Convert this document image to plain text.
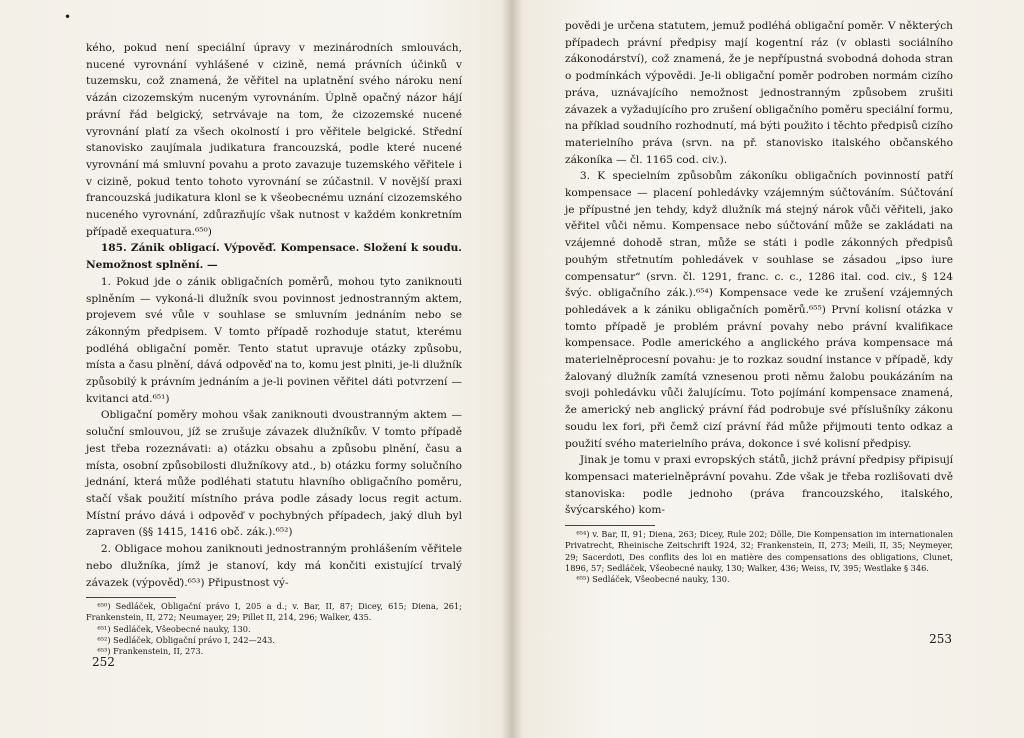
•

kého, pokud není speciální úpravy v mezinárodních smlouvách, nucené vyrovnání vyhlášené v cizině, nemá právních účinků v tuzemsku, což znamená, že věřitel na uplatnění svého nároku není vázán cizozemským nuceným vyrovnáním. Úplně opačný názor hájí právní řád belgický, setrvávaje na tom, že cizozemské nucené vyrovnání platí za všech okolností i pro věřitele belgické. Střední stanovisko zaujímala judikatura francouzská, podle které nucené vyrovnání má smluvní povahu a proto zavazuje tuzemského věřitele i v cizině, pokud tento tohoto vyrovnání se zúčastnil. V novější praxi francouzská judikatura klonl se k všeobecnému uznání cizozemského nuceného vyrovnání, zdůrazňujíc však nutnost v každém konkretním případě exequatura.⁶⁵⁰)

185. Zánik obligací. Výpověď. Kompensace. Složení k soudu. Nemožnost splnění. —

1. Pokud jde o zánik obligačních poměrů, mohou tyto zaniknouti splněním — vykoná-li dlužník svou povinnost jednostranným aktem, projevem své vůle v souhlase se smluvním jednáním nebo se zákonným předpisem. V tomto případě rozhoduje statut, kterému podléhá obligační poměr. Tento statut upravuje otázky způsobu, místa a času plnění, dává odpověď na to, komu jest plniti, je-li dlužník způsobilý k právním jednáním a je-li povinen věřitel dáti potvrzení — kvitanci atd.⁶⁵¹)

Obligační poměry mohou však zaniknouti dvoustranným aktem — soluční smlouvou, jíž se zrušuje závazek dlužníkův. V tomto případě jest třeba rozeznávati: a) otázku obsahu a způsobu plnění, času a místa, osobní způsobilosti dlužníkovy atd., b) otázku formy solučního jednání, která může podléhati statutu hlavního obligačního poměru, stačí však použití místního práva podle zásady locus regit actum. Místní právo dává i odpověď v pochybných případech, jaký dluh byl zapraven (§§ 1415, 1416 obč. zák.).⁶⁵²)

2. Obligace mohou zaniknouti jednostranným prohlášením věřitele nebo dlužníka, jímž je stanoví, kdy má končiti existující trvalý závazek (výpověď).⁶⁵³) Připustnost vý-

⁶⁵⁰) Sedláček, Obligační právo I, 205 a d.; v. Bar, II, 87; Dicey, 615; Diena, 261; Frankenstein, II, 272; Neumayer, 29; Pillet II, 214, 296; Walker, 435.

⁶⁵¹) Sedláček, Všeobecné nauky, 130.

⁶⁵²) Sedláček, Obligační právo I, 242—243.

⁶⁵³) Frankenstein, II, 273.

252

povědi je určena statutem, jemuž podléhá obligační poměr. V některých případech právní předpisy mají kogentní ráz (v oblasti sociálního zákonodárství), což znamená, že je nepřípustná svobodná dohoda stran o podmínkách výpovědi. Je-li obligační poměr podroben normám cizího práva, uznávajícího nemožnost jednostranným způsobem zrušiti závazek a vyžadujícího pro zrušení obligačního poměru speciální formu, na příklad soudního rozhodnutí, má býti použito i těchto předpisů cizího materielního práva (srvn. na př. stanovisko italského občanského zákoníka — čl. 1165 cod. civ.).

3. K specielním způsobům zákoníku obligačních povinností patří kompensace — placení pohledávky vzájemným súčtováním. Súčtování je přípustné jen tehdy, když dlužník má stejný nárok vůči věřiteli, jako věřitel vůči němu. Kompensace nebo súčtování může se zakládati na vzájemné dohodě stran, může se státi i podle zákonných předpisů pouhým střetnutím pohledávek v souhlase se zásadou „ipso iure compensatur“ (srvn. čl. 1291, franc. c. c., 1286 ital. cod. civ., § 124 švýc. obligačního zák.).⁶⁵⁴) Kompensace vede ke zrušení vzájemných pohledávek a k zániku obligačních poměrů.⁶⁵⁵) První kolisní otázka v tomto případě je problém právní povahy nebo právní kvalifikace kompensace. Podle amerického a anglického práva kompensace má materielněprocesní povahu: je to rozkaz soudní instance v případě, kdy žalovaný dlužník zamítá vznesenou proti němu žalobu poukázáním na svoji pohledávku vůči žalujícímu. Toto pojímání kompensace znamená, že americký neb anglický právní řád podrobuje své příslušníky zákonu soudu lex fori, při čemž cizí právní řád může přijmouti tento odkaz a použití svého materielního práva, dokonce i své kolisní předpisy.

Jinak je tomu v praxi evropských států, jichž právní předpisy připisují kompensaci materielněprávní povahu. Zde však je třeba rozlišovati dvě stanoviska: podle jednoho (práva francouzského, italského, švýcarského) kom-

⁶⁵⁴) v. Bar, II, 91; Diena, 263; Dicey, Rule 202; Dölle, Die Kompensation im internationalen Privatrecht, Rheinische Zeitschrift 1924, 32; Frankenstein, II, 273; Meili, II, 35; Neymeyer, 29; Sacerdoti, Des conflits des loi en matière des compensations des obligations, Clunet, 1896, 57; Sedláček, Všeobecné nauky, 130; Walker, 436; Weiss, IV, 395; Westlake § 346.

⁶⁵⁵) Sedláček, Všeobecné nauky, 130.

253
